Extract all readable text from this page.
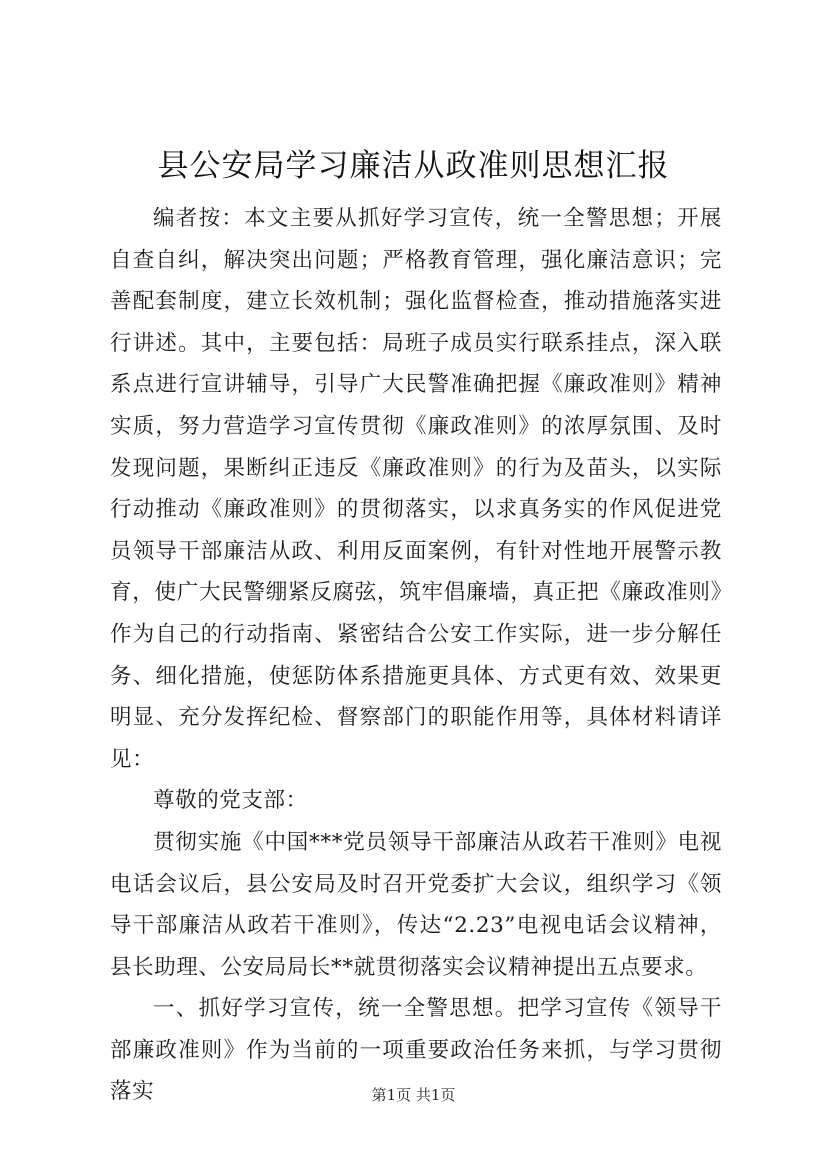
县公安局学习廉洁从政准则思想汇报

编者按：本文主要从抓好学习宣传，统一全警思想；开展自查自纠，解决突出问题；严格教育管理，强化廉洁意识；完善配套制度，建立长效机制；强化监督检查，推动措施落实进行讲述。其中，主要包括：局班子成员实行联系挂点，深入联系点进行宣讲辅导，引导广大民警准确把握《廉政准则》精神实质，努力营造学习宣传贯彻《廉政准则》的浓厚氛围、及时发现问题，果断纠正违反《廉政准则》的行为及苗头，以实际行动推动《廉政准则》的贯彻落实，以求真务实的作风促进党员领导干部廉洁从政、利用反面案例，有针对性地开展警示教育，使广大民警绷紧反腐弦，筑牢倡廉墙，真正把《廉政准则》作为自己的行动指南、紧密结合公安工作实际，进一步分解任务、细化措施，使惩防体系措施更具体、方式更有效、效果更明显、充分发挥纪检、督察部门的职能作用等，具体材料请详见：

尊敬的党支部：

贯彻实施《中国***党员领导干部廉洁从政若干准则》电视电话会议后，县公安局及时召开党委扩大会议，组织学习《领导干部廉洁从政若干准则》，传达“2.23”电视电话会议精神，县长助理、公安局局长**就贯彻落实会议精神提出五点要求。

一、抓好学习宣传，统一全警思想。把学习宣传《领导干部廉政准则》作为当前的一项重要政治任务来抓，与学习贯彻落实	第1页 共1页
